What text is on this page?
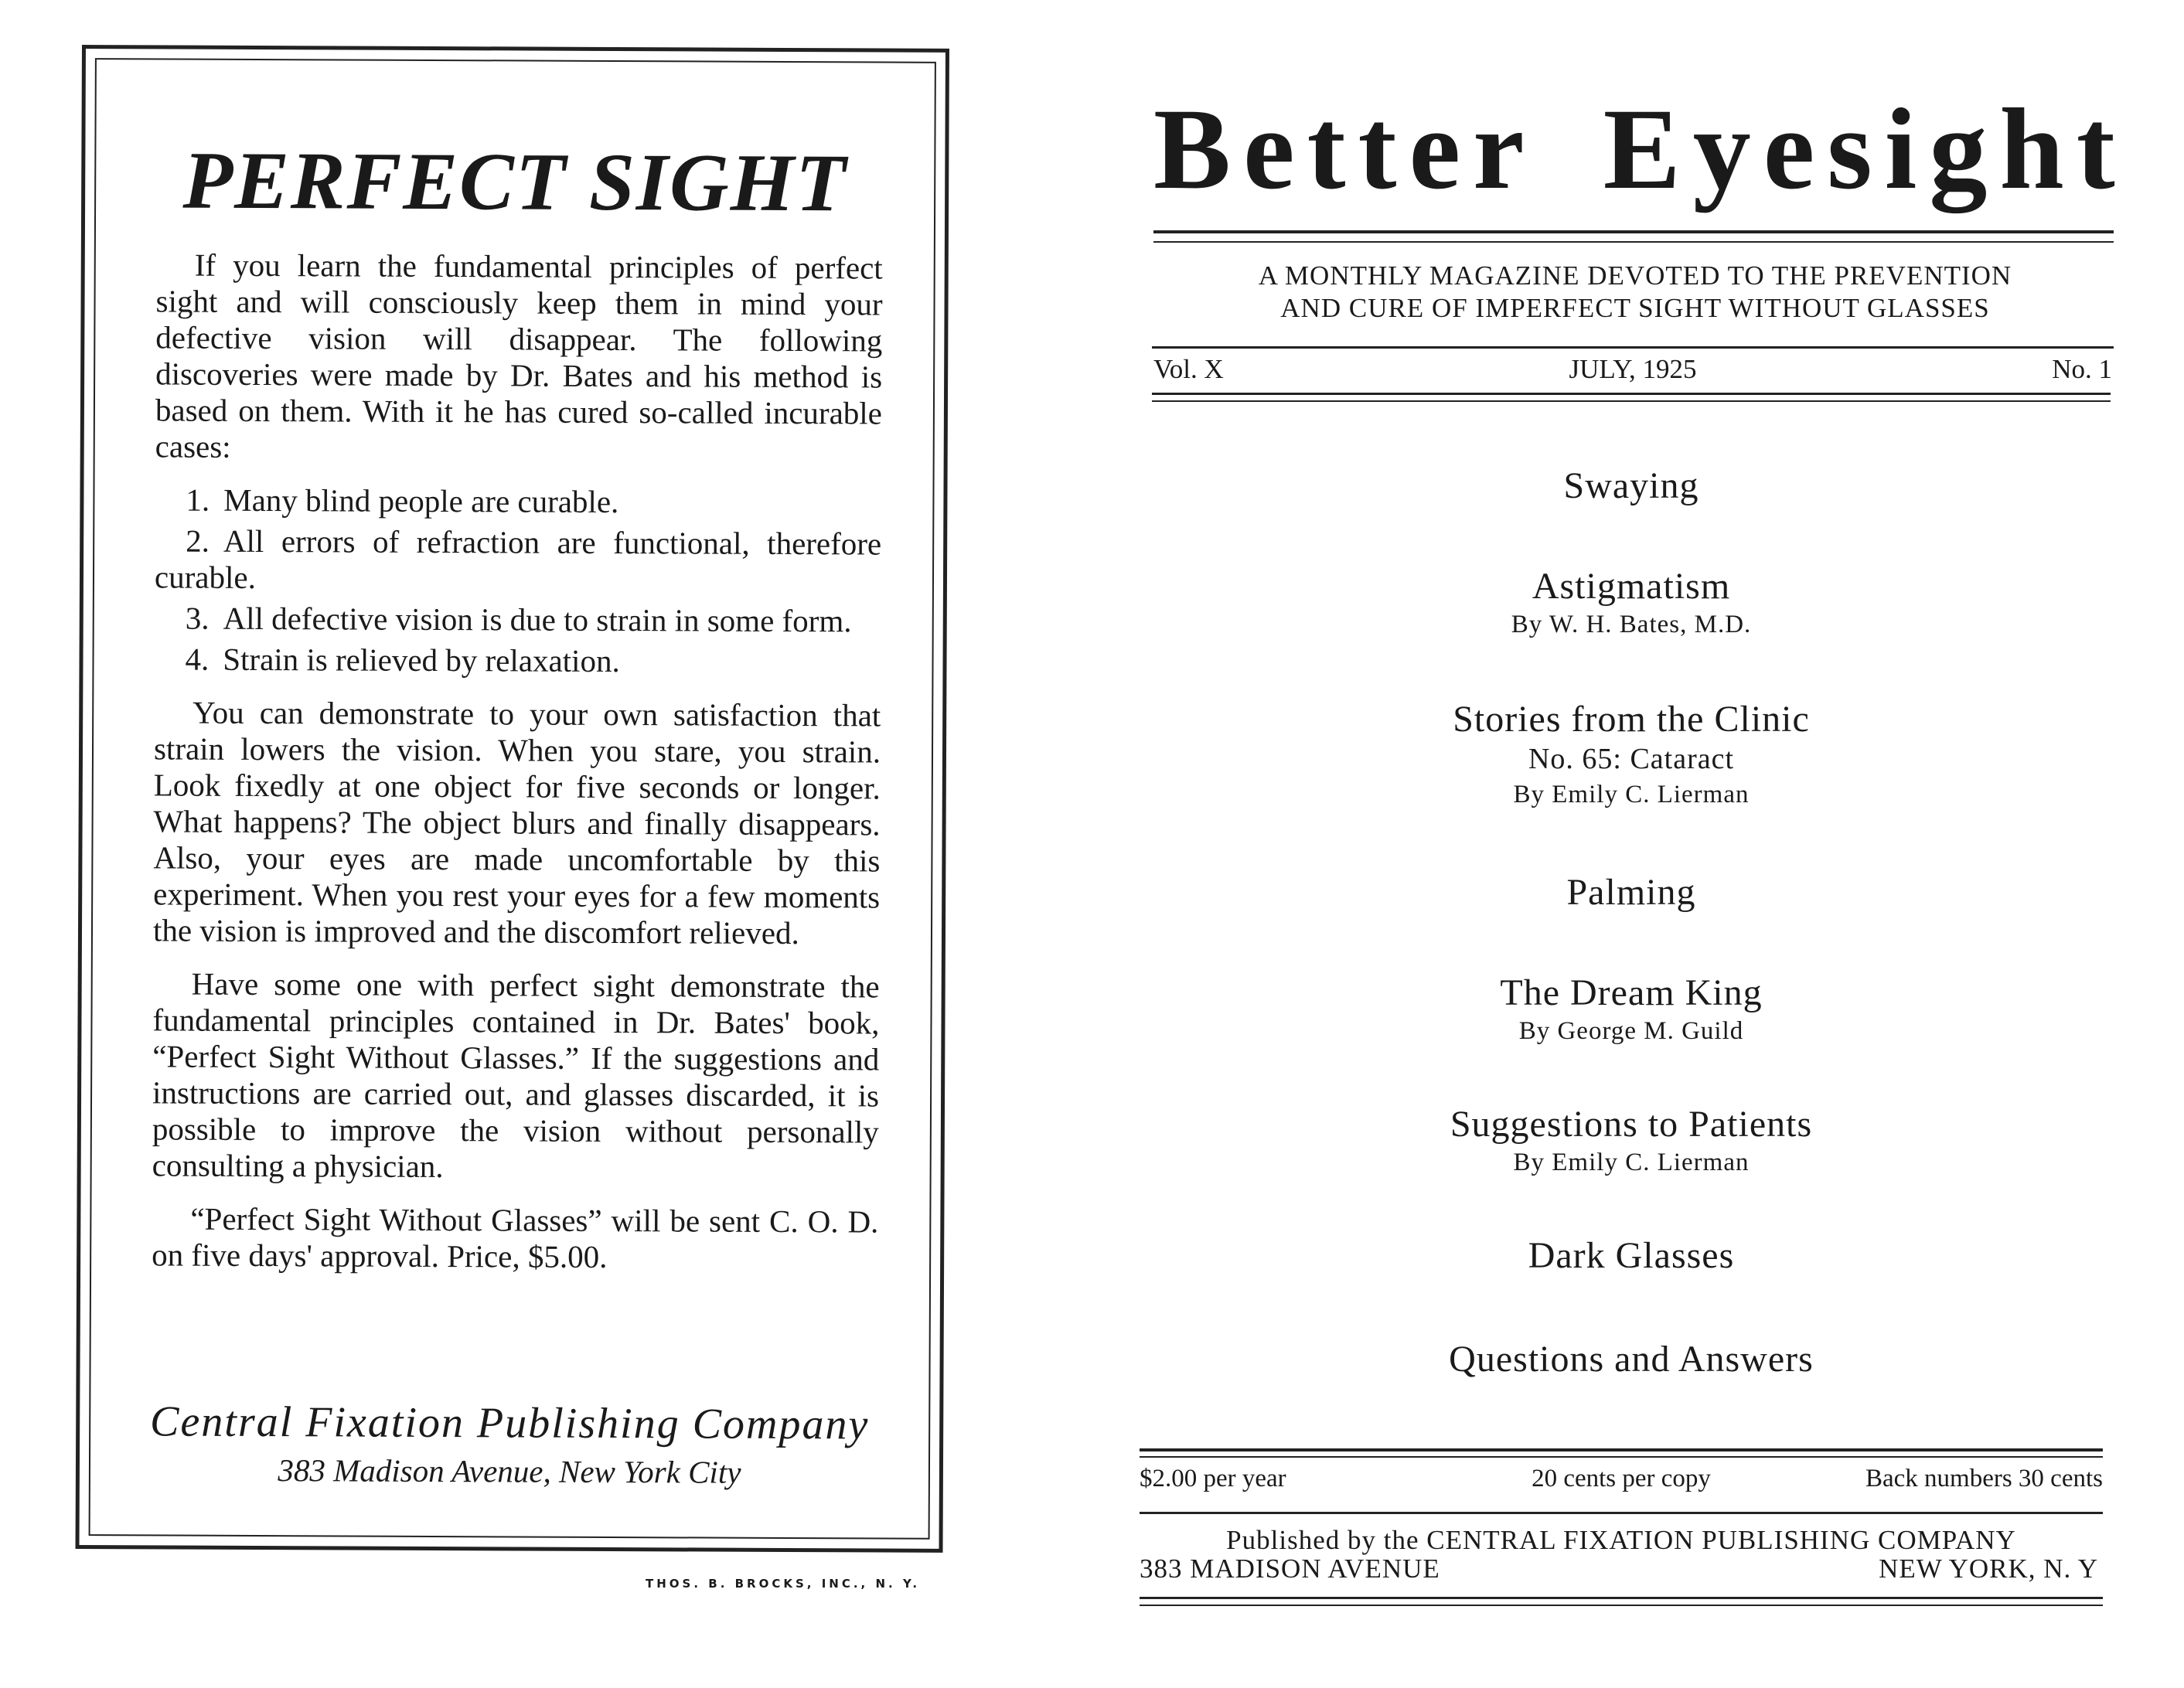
PERFECT SIGHT

If you learn the fundamental principles of perfect sight and will consciously keep them in mind your defective vision will disappear. The following discoveries were made by Dr. Bates and his method is based on them. With it he has cured so-called incurable cases:

1. Many blind people are curable.
2. All errors of refraction are functional, therefore curable.
3. All defective vision is due to strain in some form.
4. Strain is relieved by relaxation.

You can demonstrate to your own satisfaction that strain lowers the vision. When you stare, you strain. Look fixedly at one object for five seconds or longer. What happens? The object blurs and finally disappears. Also, your eyes are made uncomfortable by this experiment. When you rest your eyes for a few moments the vision is improved and the discomfort relieved.

Have some one with perfect sight demonstrate the fundamental principles contained in Dr. Bates' book, “Perfect Sight Without Glasses.” If the suggestions and instructions are carried out, and glasses discarded, it is possible to improve the vision without personally consulting a physician.

“Perfect Sight Without Glasses” will be sent C. O. D. on five days' approval. Price, $5.00.

Central Fixation Publishing Company

383 Madison Avenue, New York City

THOS. B. BROCKS, INC., N. Y.
Better Eyesight
A MONTHLY MAGAZINE DEVOTED TO THE PREVENTION
AND CURE OF IMPERFECT SIGHT WITHOUT GLASSES
Vol. X	JULY, 1925	No. 1

Swaying

Astigmatism

By W. H. Bates, M.D.

Stories from the Clinic

No. 65: Cataract

By Emily C. Lierman

Palming

The Dream King

By George M. Guild

Suggestions to Patients

By Emily C. Lierman

Dark Glasses

Questions and Answers

$2.00 per year	20 cents per copy	Back numbers 30 cents

Published by the CENTRAL FIXATION PUBLISHING COMPANY

383 MADISON AVENUE	NEW YORK, N. Y
